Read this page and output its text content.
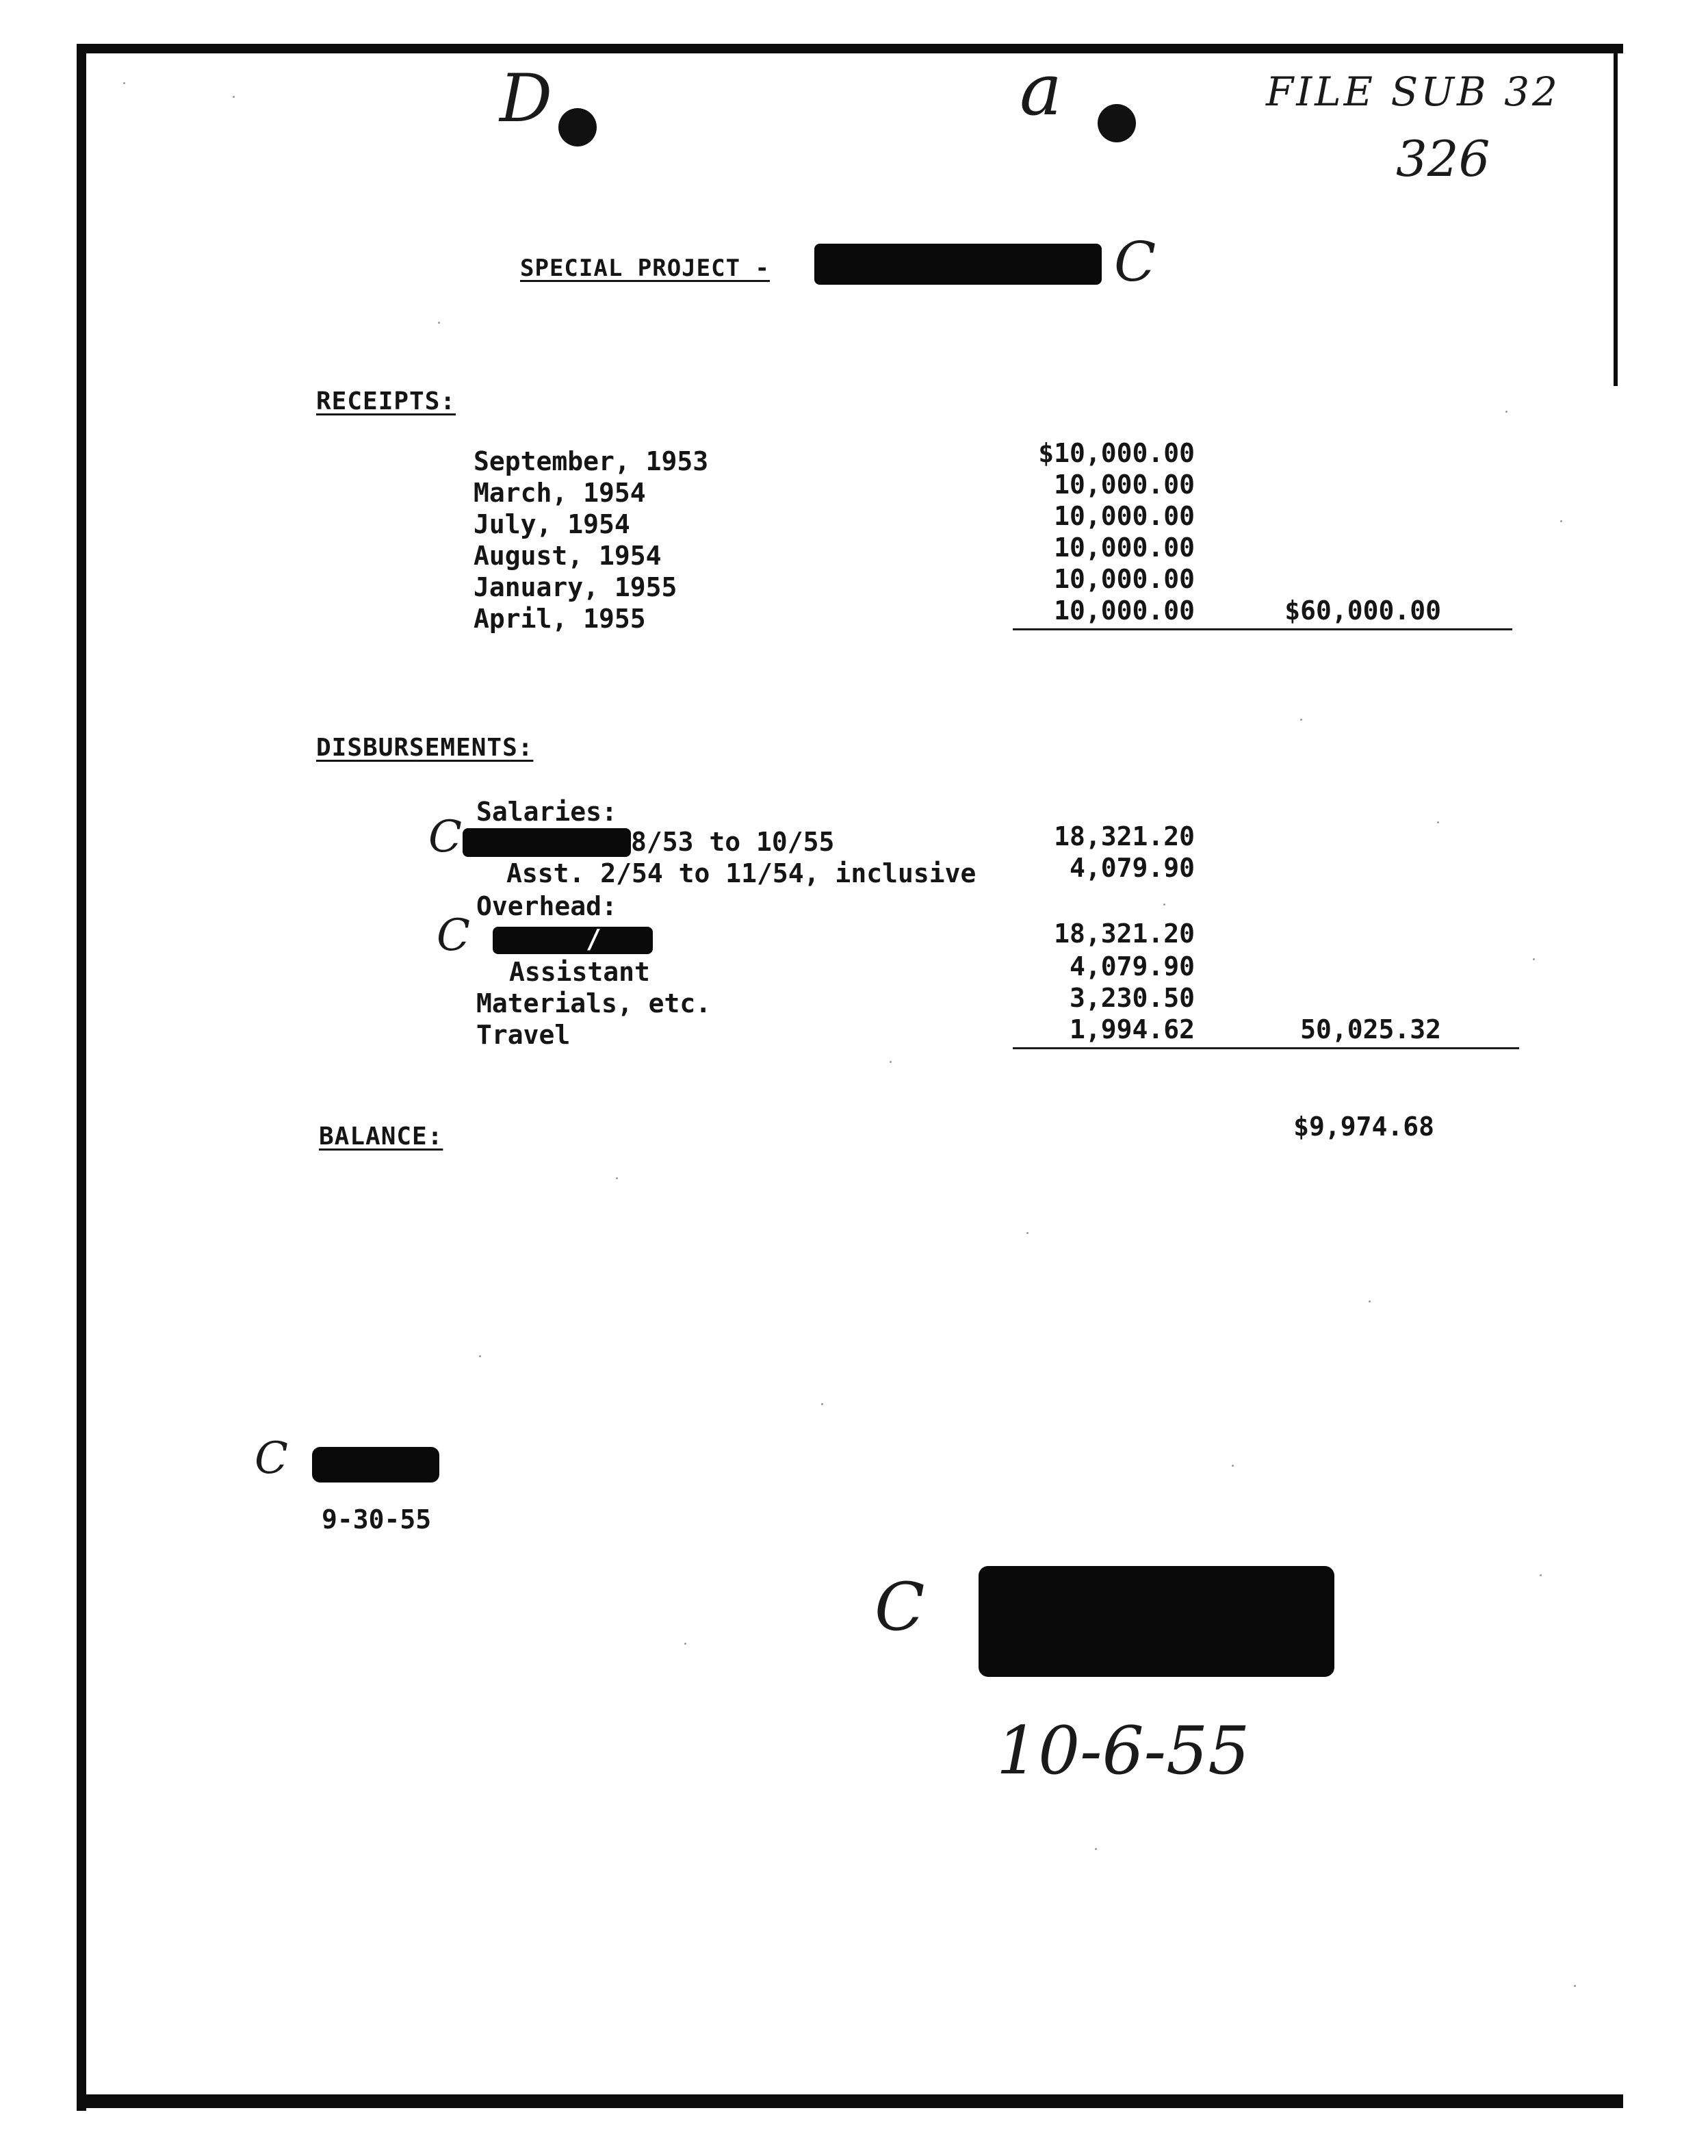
D	a	FILE SUB 32
326
SPECIAL PROJECT -	C
RECEIPTS:
September, 1953	$10,000.00
March, 1954	10,000.00
July, 1954	10,000.00
August, 1954	10,000.00
January, 1955	10,000.00
April, 1955	10,000.00	$60,000.00
DISBURSEMENTS:
Salaries:
C	8/53 to 10/55	18,321.20
Asst. 2/54 to 11/54, inclusive	4,079.90
Overhead:
C	/	18,321.20
Assistant	4,079.90
Materials, etc.	3,230.50
Travel	1,994.62	50,025.32
BALANCE:	$9,974.68
C
9-30-55
C
10-6-55
